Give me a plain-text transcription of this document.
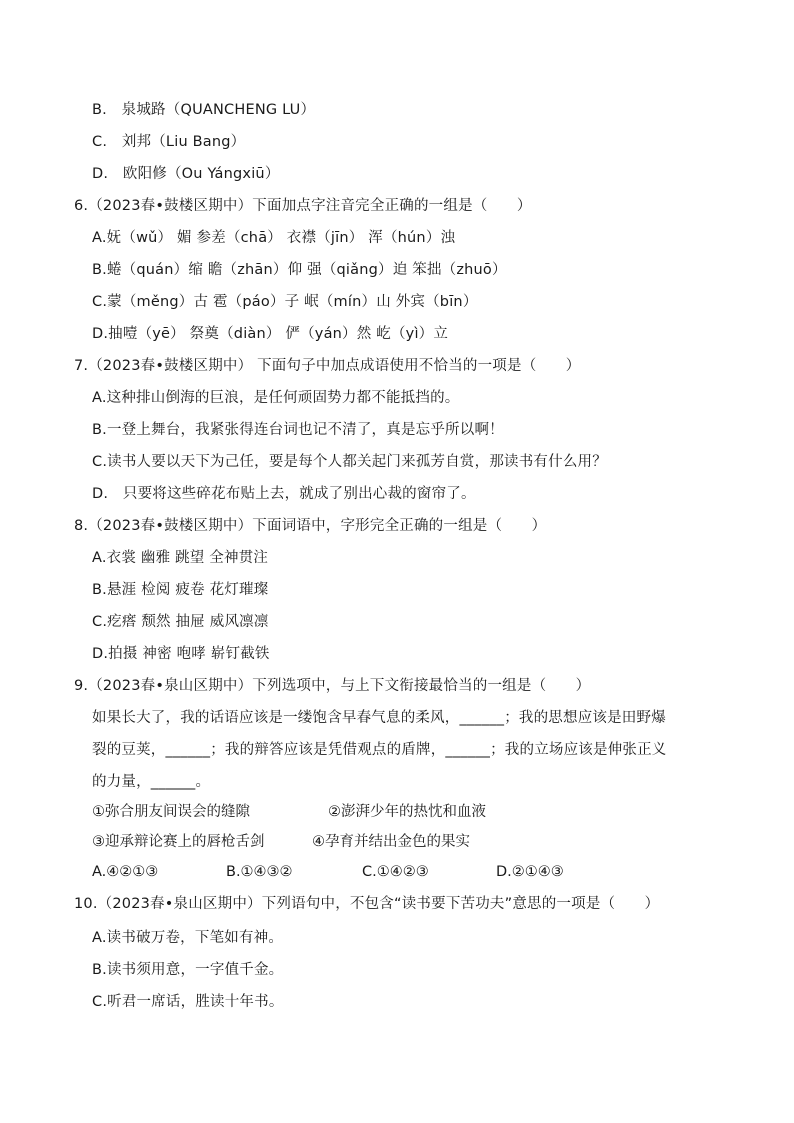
B.　泉城路（QUANCHENG LU）
C.　刘邦（Liu Bang）
D.　欧阳修（Ou Yángxiū）
6.（2023春•鼓楼区期中）下面加点字注音完全正确的一组是（　　）
A.妩（wǔ） 媚 参差（chā） 衣襟（jīn） 浑（hún）浊
B.蜷（quán）缩 瞻（zhān）仰 强（qiǎng）迫 笨拙（zhuō）
C.蒙（měng）古 雹（páo）子 岷（mín）山 外宾（bīn）
D.抽噎（yē） 祭奠（diàn） 俨（yán）然 屹（yì）立
7.（2023春•鼓楼区期中） 下面句子中加点成语使用不恰当的一项是（　　）
A.这种排山倒海的巨浪，是任何顽固势力都不能抵挡的。
B.一登上舞台，我紧张得连台词也记不清了，真是忘乎所以啊！
C.读书人要以天下为己任，要是每个人都关起门来孤芳自赏，那读书有什么用？
D.　只要将这些碎花布贴上去，就成了别出心裁的窗帘了。
8.（2023春•鼓楼区期中）下面词语中，字形完全正确的一组是（　　）
A.衣裳 幽雅 跳望 全神贯注
B.悬涯 检阅 疲卷 花灯璀璨
C.疙瘩 颓然 抽屉 威风凛凛
D.拍摄 神密 咆哮 崭钉截铁
9.（2023春•泉山区期中）下列选项中，与上下文衔接最恰当的一组是（　　）
如果长大了，我的话语应该是一缕饱含早春气息的柔风，______；我的思想应该是田野爆
裂的豆荚，______；我的辩答应该是凭借观点的盾牌，______；我的立场应该是伸张正义
的力量，______。
①弥合朋友间误会的缝隙	②澎湃少年的热忱和血液
③迎承辩论赛上的唇枪舌剑	④孕育并结出金色的果实
A.④②①③	B.①④③②	C.①④②③	D.②①④③
10.（2023春•泉山区期中）下列语句中，不包含“读书要下苦功夫”意思的一项是（　　）
A.读书破万卷，下笔如有神。
B.读书须用意，一字值千金。
C.听君一席话，胜读十年书。
